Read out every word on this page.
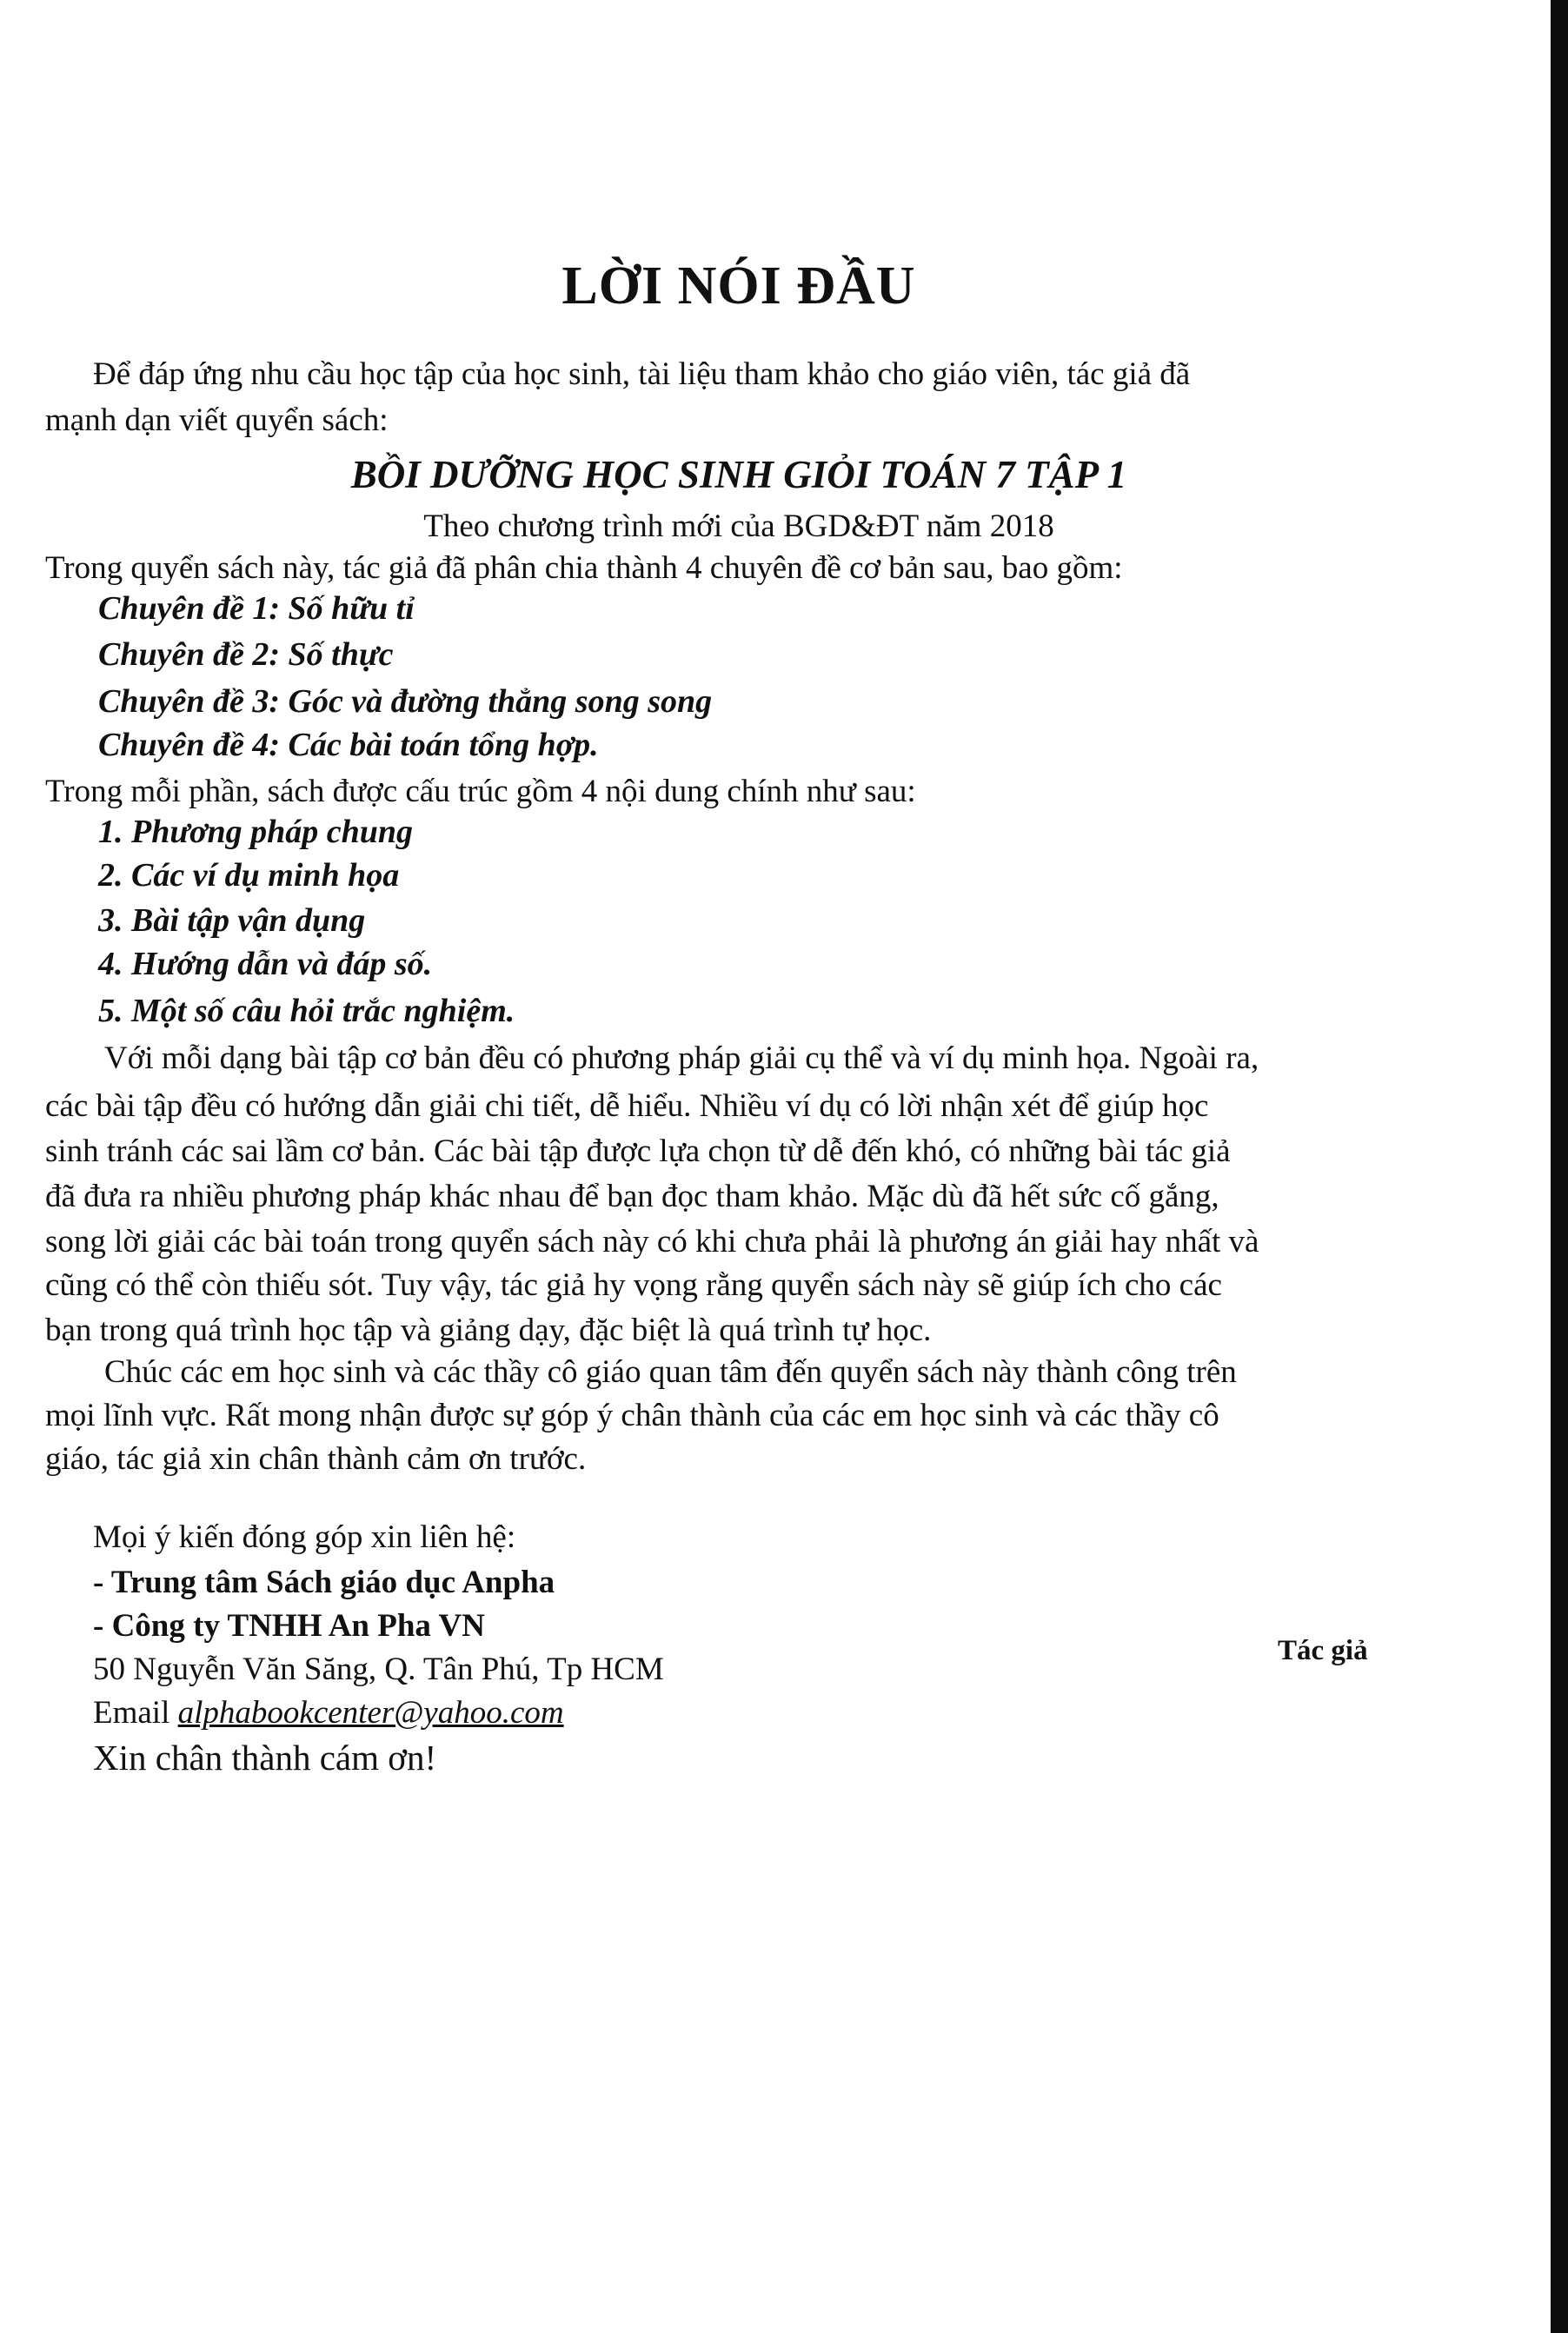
LỜI NÓI ĐẦU
Để đáp ứng nhu cầu học tập của học sinh, tài liệu tham khảo cho giáo viên, tác giả đã
mạnh dạn viết quyển sách:
BỒI DƯỠNG HỌC SINH GIỎI TOÁN 7 TẬP 1
Theo chương trình mới của BGD&ĐT năm 2018
Trong quyển sách này, tác giả đã phân chia thành 4 chuyên đề cơ bản sau, bao gồm:
Chuyên đề 1: Số hữu tỉ
Chuyên đề 2: Số thực
Chuyên đề 3: Góc và đường thẳng song song
Chuyên đề 4: Các bài toán tổng hợp.
Trong mỗi phần, sách được cấu trúc gồm 4 nội dung chính như sau:
1. Phương pháp chung
2. Các ví dụ minh họa
3. Bài tập vận dụng
4. Hướng dẫn và đáp số.
5. Một số câu hỏi trắc nghiệm.
Với mỗi dạng bài tập cơ bản đều có phương pháp giải cụ thể và ví dụ minh họa. Ngoài ra,
các bài tập đều có hướng dẫn giải chi tiết, dễ hiểu. Nhiều ví dụ có lời nhận xét để giúp học
sinh tránh các sai lầm cơ bản. Các bài tập được lựa chọn từ dễ đến khó, có những bài tác giả
đã đưa ra nhiều phương pháp khác nhau để bạn đọc tham khảo. Mặc dù đã hết sức cố gắng,
song lời giải các bài toán trong quyển sách này có khi chưa phải là phương án giải hay nhất và
cũng có thể còn thiếu sót. Tuy vậy, tác giả hy vọng rằng quyển sách này sẽ giúp ích cho các
bạn trong quá trình học tập và giảng dạy, đặc biệt là quá trình tự học.
Chúc các em học sinh và các thầy cô giáo quan tâm đến quyển sách này thành công trên
mọi lĩnh vực. Rất mong nhận được sự góp ý chân thành của các em học sinh và các thầy cô
giáo, tác giả xin chân thành cảm ơn trước.
Mọi ý kiến đóng góp xin liên hệ:
- Trung tâm Sách giáo dục Anpha
- Công ty TNHH An Pha VN
50 Nguyễn Văn Săng, Q. Tân Phú, Tp HCM
Email alphabookcenter@yahoo.com
Xin chân thành cám ơn!
Tác giả
